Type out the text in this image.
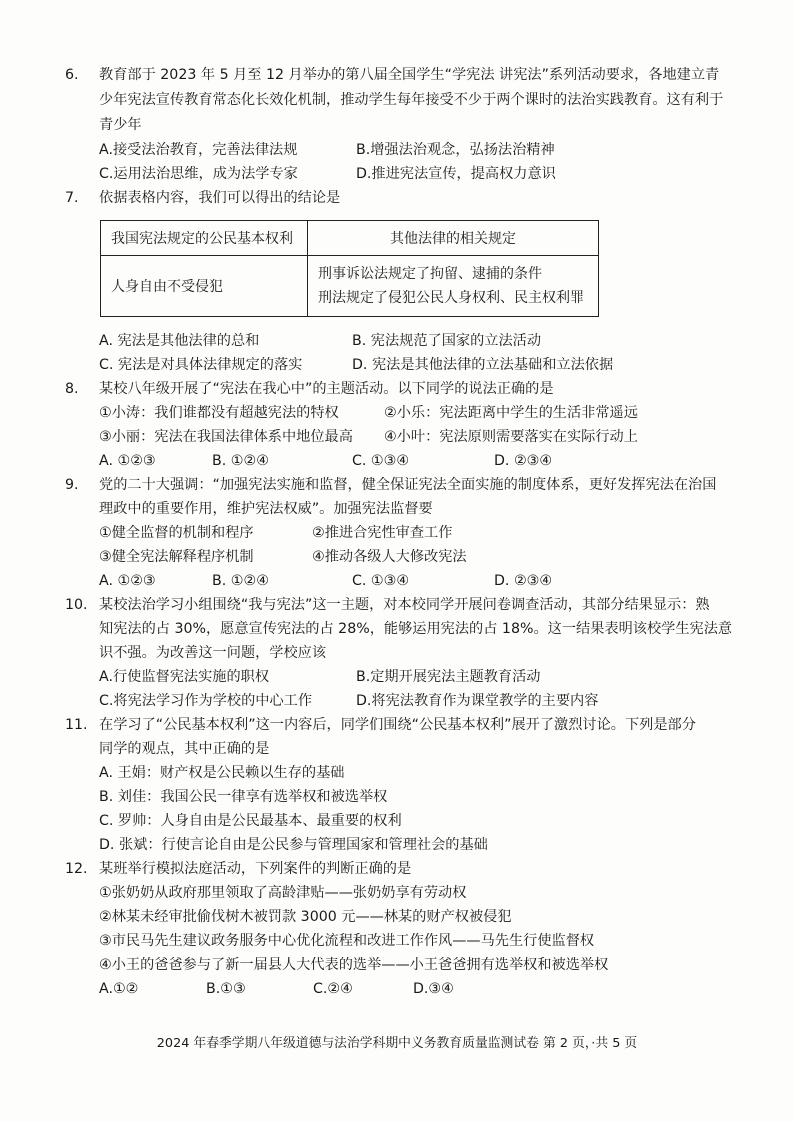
6. 教育部于 2023 年 5 月至 12 月举办的第八届全国学生“学宪法 讲宪法”系列活动要求，各地建立青
少年宪法宣传教育常态化长效化机制，推动学生每年接受不少于两个课时的法治实践教育。这有利于
青少年
A.接受法治教育，完善法律法规	B.增强法治观念，弘扬法治精神
C.运用法治思维，成为法学专家	D.推进宪法宣传，提高权力意识
7. 依据表格内容，我们可以得出的结论是
我国宪法规定的公民基本权利	其他法律的相关规定
人身自由不受侵犯	刑事诉讼法规定了拘留、逮捕的条件
刑法规定了侵犯公民人身权利、民主权利罪
A. 宪法是其他法律的总和	B. 宪法规范了国家的立法活动
C. 宪法是对具体法律规定的落实	D. 宪法是其他法律的立法基础和立法依据
8. 某校八年级开展了“宪法在我心中”的主题活动。以下同学的说法正确的是
①小涛：我们谁都没有超越宪法的特权	②小乐：宪法距离中学生的生活非常遥远
③小丽：宪法在我国法律体系中地位最高 ④小叶：宪法原则需要落实在实际行动上
A. ①②③	B. ①②④	C. ①③④	D. ②③④
9. 党的二十大强调：“加强宪法实施和监督，健全保证宪法全面实施的制度体系，更好发挥宪法在治国
理政中的重要作用，维护宪法权威”。加强宪法监督要
①健全监督的机制和程序	②推进合宪性审查工作
③健全宪法解释程序机制	④推动各级人大修改宪法
A. ①②③	B. ①②④	C. ①③④	D. ②③④
10. 某校法治学习小组围绕“我与宪法”这一主题，对本校同学开展问卷调查活动，其部分结果显示：熟
知宪法的占 30%，愿意宣传宪法的占 28%，能够运用宪法的占 18%。这一结果表明该校学生宪法意
识不强。为改善这一问题，学校应该
A.行使监督宪法实施的职权	B.定期开展宪法主题教育活动
C.将宪法学习作为学校的中心工作	D.将宪法教育作为课堂教学的主要内容
11. 在学习了“公民基本权利”这一内容后，同学们围绕“公民基本权利”展开了激烈讨论。下列是部分
同学的观点，其中正确的是
A. 王娟：财产权是公民赖以生存的基础
B. 刘佳：我国公民一律享有选举权和被选举权
C. 罗帅：人身自由是公民最基本、最重要的权利
D. 张斌：行使言论自由是公民参与管理国家和管理社会的基础
12. 某班举行模拟法庭活动，下列案件的判断正确的是
①张奶奶从政府那里领取了高龄津贴——张奶奶享有劳动权
②林某未经审批偷伐树木被罚款 3000 元——林某的财产权被侵犯
③市民马先生建议政务服务中心优化流程和改进工作作风——马先生行使监督权
④小王的爸爸参与了新一届县人大代表的选举——小王爸爸拥有选举权和被选举权
A.①②	B.①③	C.②④	D.③④
2024 年春季学期八年级道德与法治学科期中义务教育质量监测试卷 第 2 页，·共 5 页
